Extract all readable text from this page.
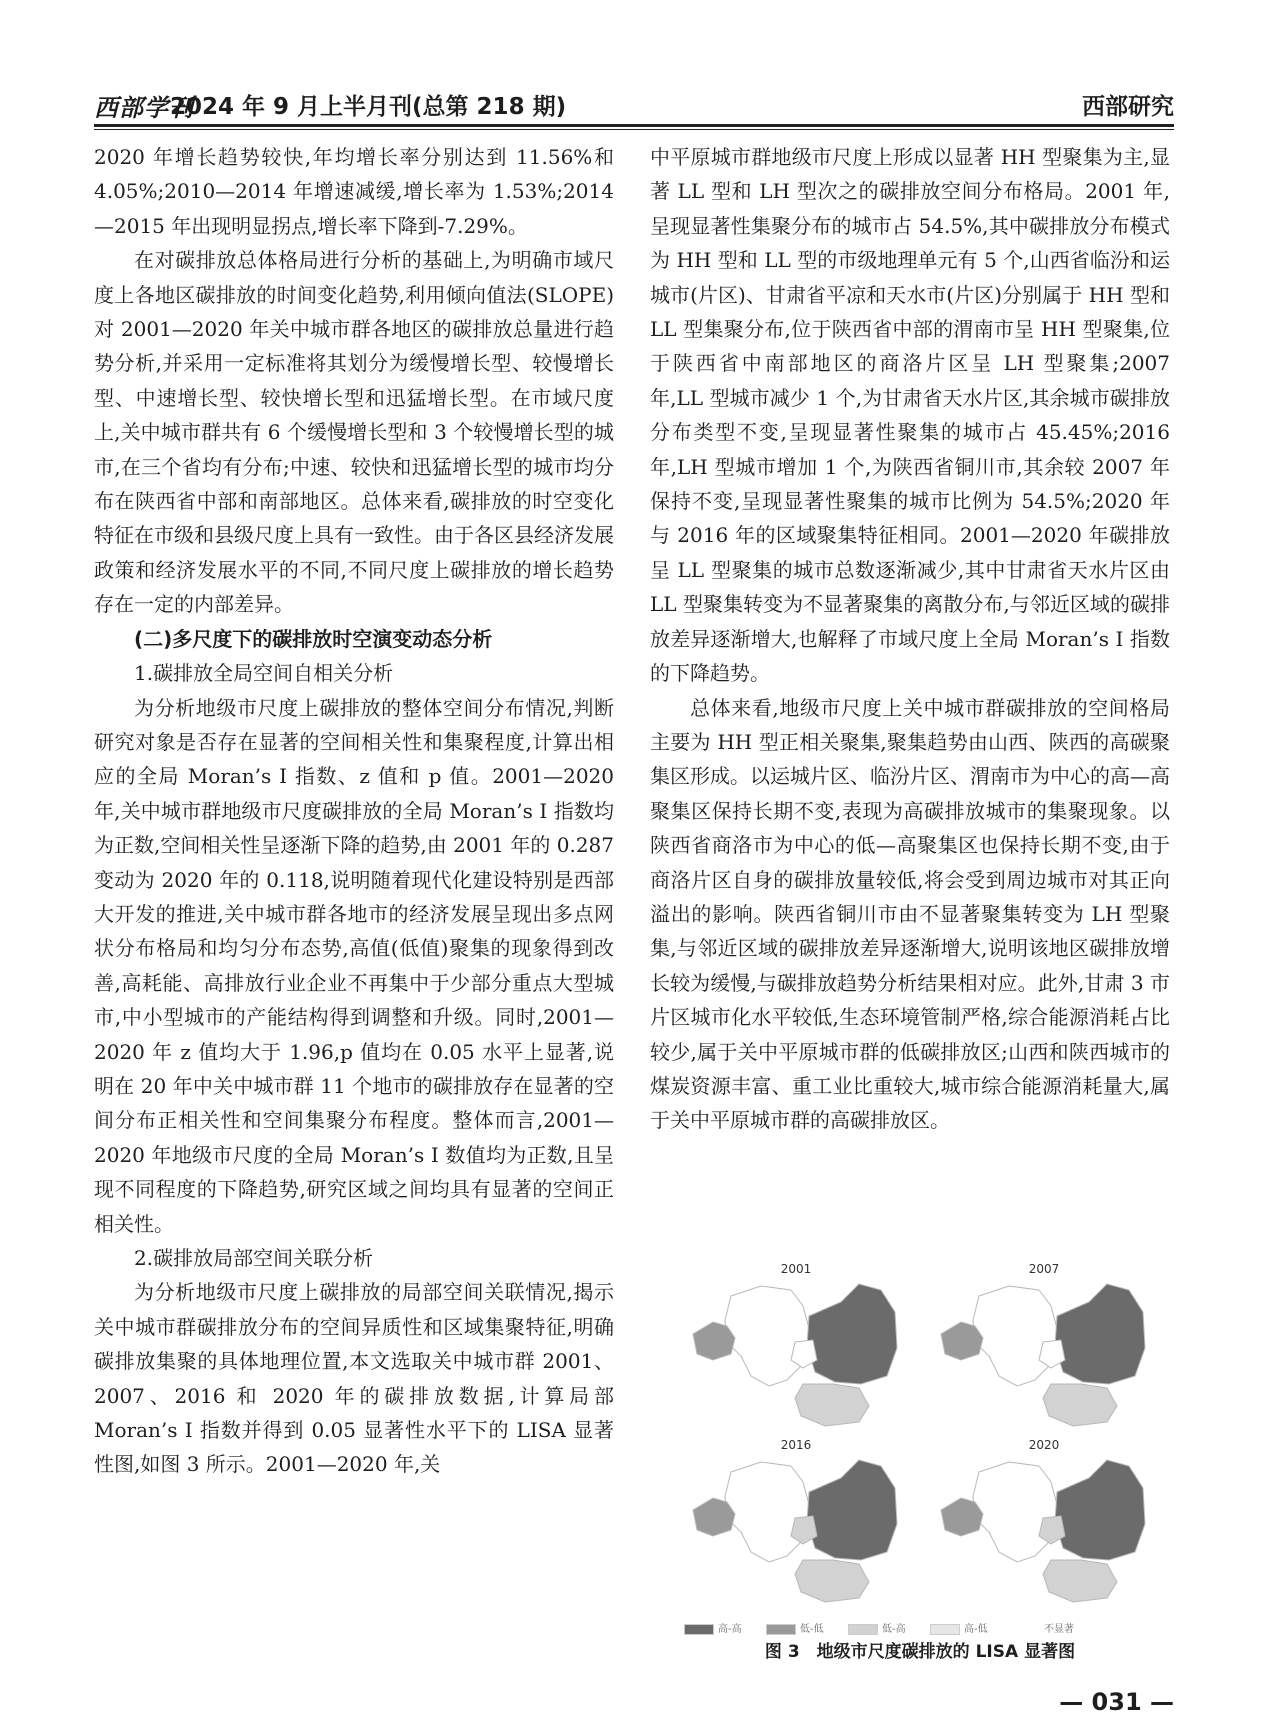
西部学刊
2024 年 9 月上半月刊(总第 218 期)	西部研究

2020 年增长趋势较快,年均增长率分别达到 11.56%和 4.05%;2010—2014 年增速减缓,增长率为 1.53%;2014—2015 年出现明显拐点,增长率下降到-7.29%。

在对碳排放总体格局进行分析的基础上,为明确市域尺度上各地区碳排放的时间变化趋势,利用倾向值法(SLOPE)对 2001—2020 年关中城市群各地区的碳排放总量进行趋势分析,并采用一定标准将其划分为缓慢增长型、较慢增长型、中速增长型、较快增长型和迅猛增长型。在市域尺度上,关中城市群共有 6 个缓慢增长型和 3 个较慢增长型的城市,在三个省均有分布;中速、较快和迅猛增长型的城市均分布在陕西省中部和南部地区。总体来看,碳排放的时空变化特征在市级和县级尺度上具有一致性。由于各区县经济发展政策和经济发展水平的不同,不同尺度上碳排放的增长趋势存在一定的内部差异。

(二)多尺度下的碳排放时空演变动态分析
1.碳排放全局空间自相关分析

为分析地级市尺度上碳排放的整体空间分布情况,判断研究对象是否存在显著的空间相关性和集聚程度,计算出相应的全局 Moran’s I 指数、z 值和 p 值。2001—2020 年,关中城市群地级市尺度碳排放的全局 Moran’s I 指数均为正数,空间相关性呈逐渐下降的趋势,由 2001 年的 0.287 变动为 2020 年的 0.118,说明随着现代化建设特别是西部大开发的推进,关中城市群各地市的经济发展呈现出多点网状分布格局和均匀分布态势,高值(低值)聚集的现象得到改善,高耗能、高排放行业企业不再集中于少部分重点大型城市,中小型城市的产能结构得到调整和升级。同时,2001—2020 年 z 值均大于 1.96,p 值均在 0.05 水平上显著,说明在 20 年中关中城市群 11 个地市的碳排放存在显著的空间分布正相关性和空间集聚分布程度。整体而言,2001—2020 年地级市尺度的全局 Moran’s I 数值均为正数,且呈现不同程度的下降趋势,研究区域之间均具有显著的空间正相关性。

2.碳排放局部空间关联分析

为分析地级市尺度上碳排放的局部空间关联情况,揭示关中城市群碳排放分布的空间异质性和区域集聚特征,明确碳排放集聚的具体地理位置,本文选取关中城市群 2001、2007、2016 和 2020 年的碳排放数据,计算局部 Moran’s I 指数并得到 0.05 显著性水平下的 LISA 显著性图,如图 3 所示。2001—2020 年,关

中平原城市群地级市尺度上形成以显著 HH 型聚集为主,显著 LL 型和 LH 型次之的碳排放空间分布格局。2001 年,呈现显著性集聚分布的城市占 54.5%,其中碳排放分布模式为 HH 型和 LL 型的市级地理单元有 5 个,山西省临汾和运城市(片区)、甘肃省平凉和天水市(片区)分别属于 HH 型和 LL 型集聚分布,位于陕西省中部的渭南市呈 HH 型聚集,位于陕西省中南部地区的商洛片区呈 LH 型聚集;2007 年,LL 型城市减少 1 个,为甘肃省天水片区,其余城市碳排放分布类型不变,呈现显著性聚集的城市占 45.45%;2016 年,LH 型城市增加 1 个,为陕西省铜川市,其余较 2007 年保持不变,呈现显著性聚集的城市比例为 54.5%;2020 年与 2016 年的区域聚集特征相同。2001—2020 年碳排放呈 LL 型聚集的城市总数逐渐减少,其中甘肃省天水片区由 LL 型聚集转变为不显著聚集的离散分布,与邻近区域的碳排放差异逐渐增大,也解释了市域尺度上全局 Moran’s I 指数的下降趋势。

总体来看,地级市尺度上关中城市群碳排放的空间格局主要为 HH 型正相关聚集,聚集趋势由山西、陕西的高碳聚集区形成。以运城片区、临汾片区、渭南市为中心的高—高聚集区保持长期不变,表现为高碳排放城市的集聚现象。以陕西省商洛市为中心的低—高聚集区也保持长期不变,由于商洛片区自身的碳排放量较低,将会受到周边城市对其正向溢出的影响。陕西省铜川市由不显著聚集转变为 LH 型聚集,与邻近区域的碳排放差异逐渐增大,说明该地区碳排放增长较为缓慢,与碳排放趋势分析结果相对应。此外,甘肃 3 市片区城市化水平较低,生态环境管制严格,综合能源消耗占比较少,属于关中平原城市群的低碳排放区;山西和陕西城市的煤炭资源丰富、重工业比重较大,城市综合能源消耗量大,属于关中平原城市群的高碳排放区。

2001	2007
2016	2020
高-高	低-低	低-高	高-低	不显著
图 3　地级市尺度碳排放的 LISA 显著图
— 031 —
